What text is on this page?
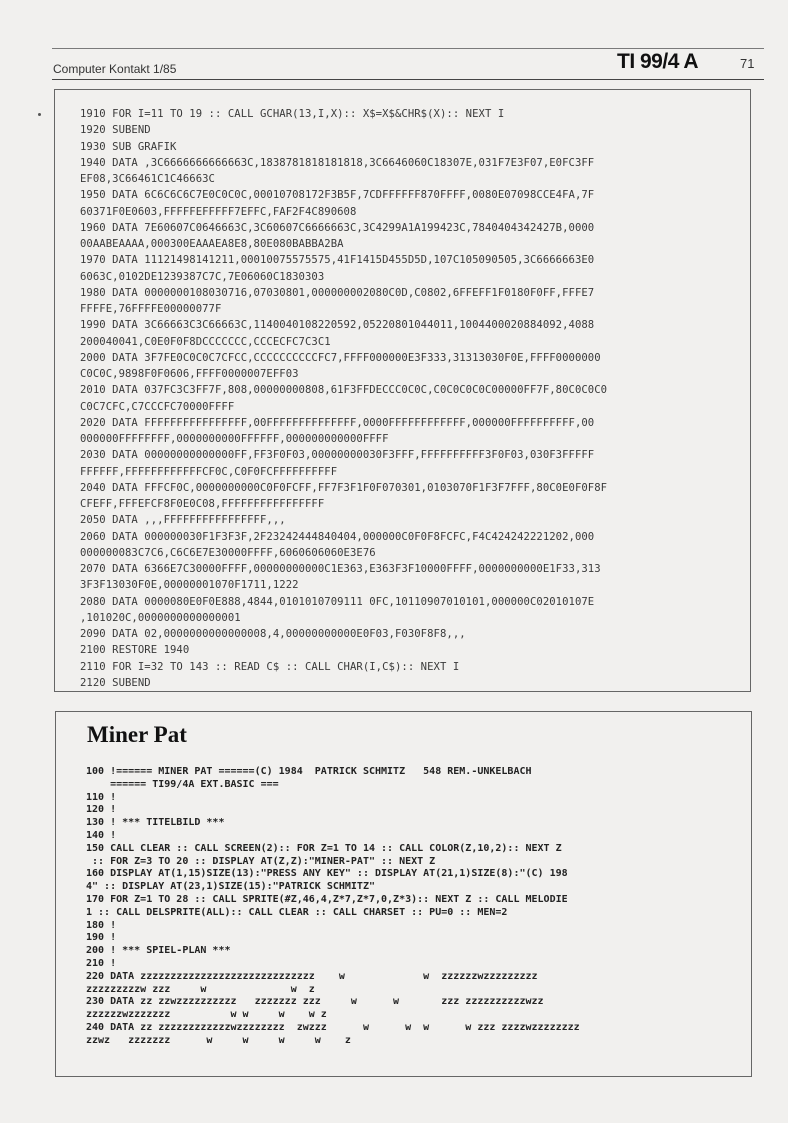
Computer Kontakt 1/85	TI 99/4 A	71
1910 FOR I=11 TO 19 :: CALL GCHAR(13,I,X):: X$=X$&CHR$(X):: NEXT I
1920 SUBEND
1930 SUB GRAFIK
1940 DATA ,3C6666666666663C,1838781818181818,3C6646060C18307E,031F7E3F07,E0FC3FF
EF08,3C66461C1C46663C
1950 DATA 6C6C6C6C7E0C0C0C,00010708172F3B5F,7CDFFFFFF870FFFF,0080E07098CCE4FA,7F
60371F0E0603,FFFFFEFFFFF7EFFC,FAF2F4C890608
1960 DATA 7E60607C0646663C,3C60607C6666663C,3C4299A1A199423C,7840404342427B,0000
00AABEAAAA,000300EAAAEA8E8,80E080BABBA2BA
1970 DATA 11121498141211,00010075575575,41F1415D455D5D,107C105090505,3C6666663E0
6063C,0102DE1239387C7C,7E06060C1830303
1980 DATA 0000000108030716,07030801,000000002080C0D,C0802,6FFEFF1F0180F0FF,FFFE7
FFFFE,76FFFFE00000077F
1990 DATA 3C66663C3C66663C,1140040108220592,05220801044011,1004400020884092,4088
200040041,C0E0F0F8DCCCCCCC,CCCECFC7C3C1
2000 DATA 3F7FE0C0C0C7CFCC,CCCCCCCCCCFC7,FFFF000000E3F333,31313030F0E,FFFF0000000
C0C0C,9898F0F0606,FFFF0000007EFF03
2010 DATA 037FC3C3FF7F,808,00000000808,61F3FFDECCC0C0C,C0C0C0C0C00000FF7F,80C0C0C0
C0C7CFC,C7CCCFC70000FFFF
2020 DATA FFFFFFFFFFFFFFFF,00FFFFFFFFFFFFFF,0000FFFFFFFFFFFF,000000FFFFFFFFFF,00
000000FFFFFFFF,0000000000FFFFFF,000000000000FFFF
2030 DATA 00000000000000FF,FF3F0F03,00000000030F3FFF,FFFFFFFFFF3F0F03,030F3FFFFF
FFFFFF,FFFFFFFFFFFFCF0C,C0F0FCFFFFFFFFFF
2040 DATA FFFCF0C,0000000000C0F0FCFF,FF7F3F1F0F070301,0103070F1F3F7FFF,80C0E0F0F8F
CFEFF,FFFEFCF8F0E0C08,FFFFFFFFFFFFFFFF
2050 DATA ,,,FFFFFFFFFFFFFFFF,,,
2060 DATA 000000030F1F3F3F,2F23242444840404,000000C0F0F8FCFC,F4C424242221202,000
000000083C7C6,C6C6E7E30000FFFF,6060606060E3E76
2070 DATA 6366E7C30000FFFF,00000000000C1E363,E363F3F10000FFFF,0000000000E1F33,313
3F3F13030F0E,00000001070F1711,1222
2080 DATA 0000080E0F0E888,4844,0101010709111 0FC,10110907010101,000000C02010107E
,101020C,0000000000000001
2090 DATA 02,0000000000000008,4,00000000000E0F03,F030F8F8,,,
2100 RESTORE 1940
2110 FOR I=32 TO 143 :: READ C$ :: CALL CHAR(I,C$):: NEXT I
2120 SUBEND
Miner Pat
100 !====== MINER PAT ======(C) 1984  PATRICK SCHMITZ   548 REM.-UNKELBACH
====== TI99/4A EXT.BASIC ===
110 !
120 !
130 ! *** TITELBILD ***
140 !
150 CALL CLEAR :: CALL SCREEN(2):: FOR Z=1 TO 14 :: CALL COLOR(Z,10,2):: NEXT Z
:: FOR Z=3 TO 20 :: DISPLAY AT(Z,Z):"MINER-PAT" :: NEXT Z
160 DISPLAY AT(1,15)SIZE(13):"PRESS ANY KEY" :: DISPLAY AT(21,1)SIZE(8):"(C) 198
4" :: DISPLAY AT(23,1)SIZE(15):"PATRICK SCHMITZ"
170 FOR Z=1 TO 28 :: CALL SPRITE(#Z,46,4,Z*7,Z*7,0,Z*3):: NEXT Z :: CALL MELODIE
1 :: CALL DELSPRITE(ALL):: CALL CLEAR :: CALL CHARSET :: PU=0 :: MEN=2
180 !
190 !
200 ! *** SPIEL-PLAN ***
210 !
220 DATA zzzzzzzzzzzzzzzzzzzzzzzzzzzzz    w             w  zzzzzzwzzzzzzzzz
zzzzzzzzzw zzz     w              w  z
230 DATA zz zzwzzzzzzzzzz   zzzzzzz zzz     w      w       zzz zzzzzzzzzzwzz
zzzzzzwzzzzzzz          w w     w    w z
240 DATA zz zzzzzzzzzzzzwzzzzzzzz  zwzzz      w      w  w      w zzz zzzzwzzzzzzzz
zzwz   zzzzzzz      w     w     w     w    z
